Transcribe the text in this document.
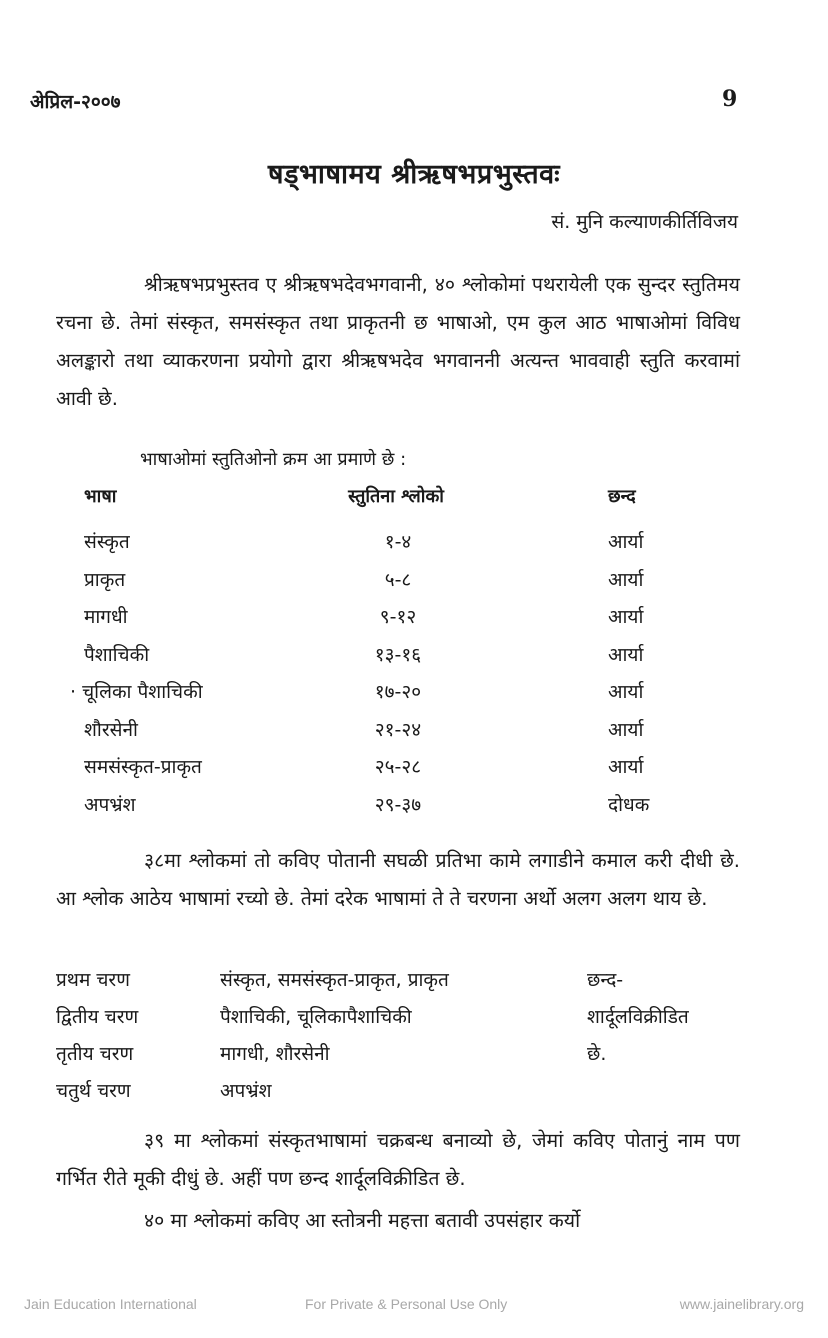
अेप्रिल-२००७	9
षड्भाषामय श्रीऋषभप्रभुस्तवः
सं. मुनि कल्याणकीर्तिविजय
श्रीऋषभप्रभुस्तव ए श्रीऋषभदेवभगवानी, ४० श्लोकोमां पथरायेली एक सुन्दर स्तुतिमय रचना छे. तेमां संस्कृत, समसंस्कृत तथा प्राकृतनी छ भाषाओ, एम कुल आठ भाषाओमां विविध अलङ्कारो तथा व्याकरणना प्रयोगो द्वारा श्रीऋषभदेव भगवाननी अत्यन्त भाववाही स्तुति करवामां आवी छे.
भाषाओमां स्तुतिओनो क्रम आ प्रमाणे छे :
भाषा	स्तुतिना श्लोको	छन्द
संस्कृत	१-४	आर्या
प्राकृत	५-८	आर्या
मागधी	९-१२	आर्या
पैशाचिकी	१३-१६	आर्या
· चूलिका पैशाचिकी	१७-२०	आर्या
शौरसेनी	२१-२४	आर्या
समसंस्कृत-प्राकृत	२५-२८	आर्या
अपभ्रंश	२९-३७	दोधक
३८मा श्लोकमां तो कविए पोतानी सघळी प्रतिभा कामे लगाडीने कमाल करी दीधी छे. आ श्लोक आठेय भाषामां रच्यो छे. तेमां दरेक भाषामां ते ते चरणना अर्थो अलग अलग थाय छे.
प्रथम चरण	संस्कृत, समसंस्कृत-प्राकृत, प्राकृत	छन्द-
द्वितीय चरण	पैशाचिकी, चूलिकापैशाचिकी	शार्दूलविक्रीडित
तृतीय चरण	मागधी, शौरसेनी	छे.
चतुर्थ चरण	अपभ्रंश
३९ मा श्लोकमां संस्कृतभाषामां चक्रबन्ध बनाव्यो छे, जेमां कविए पोतानुं नाम पण गर्भित रीते मूकी दीधुं छे. अहीं पण छन्द शार्दूलविक्रीडित छे.
४० मा श्लोकमां कविए आ स्तोत्रनी महत्ता बतावी उपसंहार कर्यो
Jain Education International	For Private & Personal Use Only	www.jainelibrary.org
